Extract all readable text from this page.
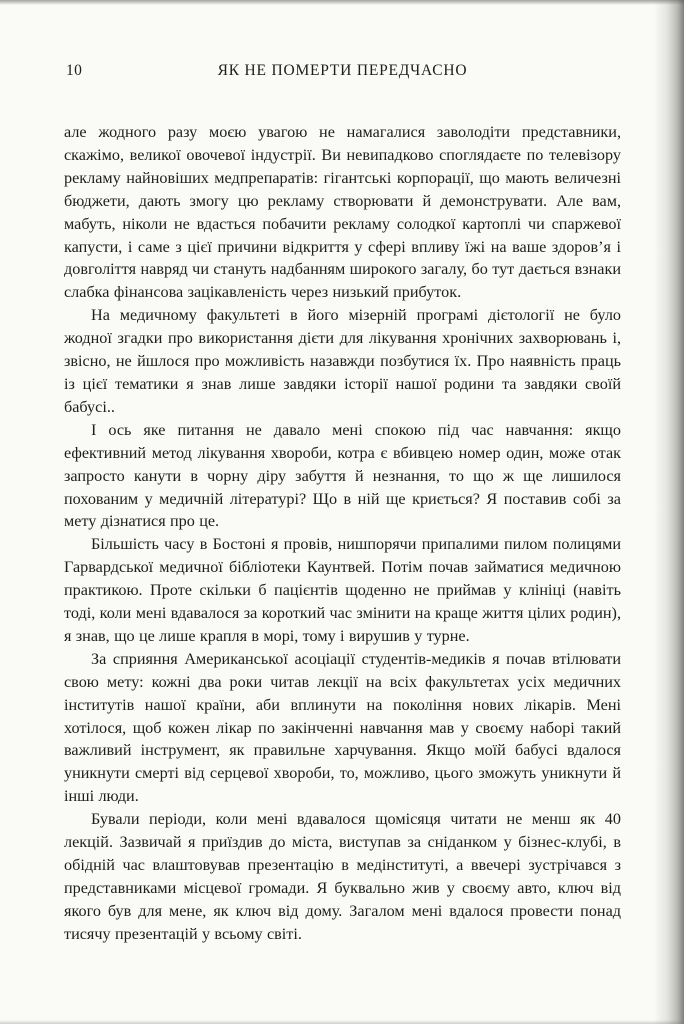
10	ЯК НЕ ПОМЕРТИ ПЕРЕДЧАСНО

але жодного разу моєю увагою не намагалися заволодіти представники, скажімо, великої овочевої індустрії. Ви невипадково споглядаєте по телевізору рекламу найновіших медпрепаратів: гігантські корпорації, що мають величезні бюджети, дають змогу цю рекламу створювати й демонструвати. Але вам, мабуть, ніколи не вдасться побачити рекламу солодкої картоплі чи спаржевої капусти, і саме з цієї причини відкриття у сфері впливу їжі на ваше здоров’я і довголіття навряд чи стануть надбанням широкого загалу, бо тут дається взнаки слабка фінансова зацікавленість через низький прибуток.

На медичному факультеті в його мізерній програмі дієтології не було жодної згадки про використання дієти для лікування хронічних захворювань і, звісно, не йшлося про можливість назавжди позбутися їх. Про наявність праць із цієї тематики я знав лише завдяки історії нашої родини та завдяки своїй бабусі..

І ось яке питання не давало мені спокою під час навчання: якщо ефективний метод лікування хвороби, котра є вбивцею номер один, може отак запросто канути в чорну діру забуття й незнання, то що ж ще лишилося похованим у медичній літературі? Що в ній ще криється? Я поставив собі за мету дізнатися про це.

Більшість часу в Бостоні я провів, нишпорячи припалими пилом полицями Гарвардської медичної бібліотеки Каунтвей. Потім почав займатися медичною практикою. Проте скільки б пацієнтів щоденно не приймав у клініці (навіть тоді, коли мені вдавалося за короткий час змінити на краще життя цілих родин), я знав, що це лише крапля в морі, тому і вирушив у турне.

За сприяння Американської асоціації студентів-медиків я почав втілювати свою мету: кожні два роки читав лекції на всіх факультетах усіх медичних інститутів нашої країни, аби вплинути на покоління нових лікарів. Мені хотілося, щоб кожен лікар по закінченні навчання мав у своєму наборі такий важливий інструмент, як правильне харчування. Якщо моїй бабусі вдалося уникнути смерті від серцевої хвороби, то, можливо, цього зможуть уникнути й інші люди.

Бували періоди, коли мені вдавалося щомісяця читати не менш як 40 лекцій. Зазвичай я приїздив до міста, виступав за сніданком у бізнес-клубі, в обідній час влаштовував презентацію в медінституті, а ввечері зустрічався з представниками місцевої громади. Я буквально жив у своєму авто, ключ від якого був для мене, як ключ від дому. Загалом мені вдалося провести понад тисячу презентацій у всьому світі.
